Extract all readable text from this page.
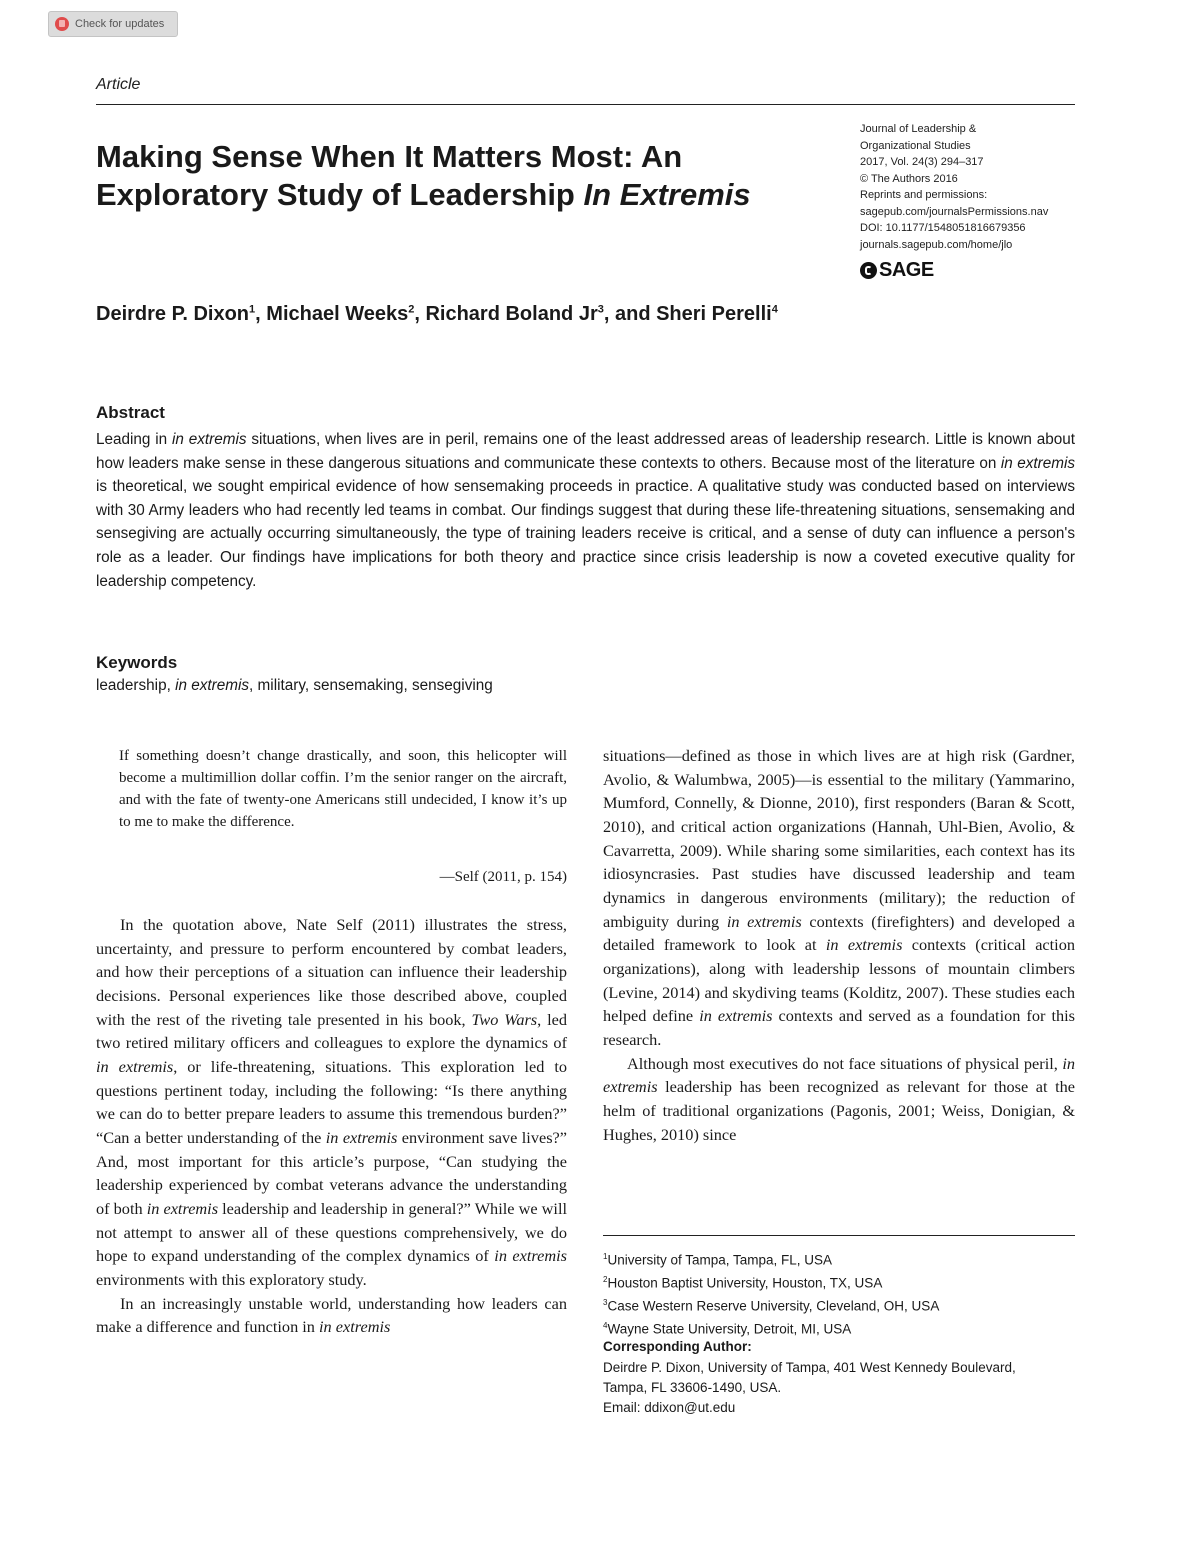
Check for updates
Article
Making Sense When It Matters Most: An
Exploratory Study of Leadership In Extremis
Journal of Leadership &
Organizational Studies
2017, Vol. 24(3) 294–317
© The Authors 2016
Reprints and permissions:
sagepub.com/journalsPermissions.nav
DOI: 10.1177/1548051816679356
journals.sagepub.com/home/jlo
SAGE
Deirdre P. Dixon$^1$, Michael Weeks$^2$, Richard Boland Jr$^3$, and Sheri Perelli$^4$
Abstract
Leading in in extremis situations, when lives are in peril, remains one of the least addressed areas of leadership research. Little is known about how leaders make sense in these dangerous situations and communicate these contexts to others. Because most of the literature on in extremis is theoretical, we sought empirical evidence of how sensemaking proceeds in practice. A qualitative study was conducted based on interviews with 30 Army leaders who had recently led teams in combat. Our findings suggest that during these life-threatening situations, sensemaking and sensegiving are actually occurring simultaneously, the type of training leaders receive is critical, and a sense of duty can influence a person's role as a leader. Our findings have implications for both theory and practice since crisis leadership is now a coveted executive quality for leadership competency.
Keywords
leadership, in extremis, military, sensemaking, sensegiving
If something doesn’t change drastically, and soon, this helicopter will become a multimillion dollar coffin. I’m the senior ranger on the aircraft, and with the fate of twenty-one Americans still undecided, I know it’s up to me to make the difference.
—Self (2011, p. 154)

In the quotation above, Nate Self (2011) illustrates the stress, uncertainty, and pressure to perform encountered by combat leaders, and how their perceptions of a situation can influence their leadership decisions. Personal experiences like those described above, coupled with the rest of the riveting tale presented in his book, Two Wars, led two retired military officers and colleagues to explore the dynamics of in extremis, or life-threatening, situations. This exploration led to questions pertinent today, including the following: “Is there anything we can do to better prepare leaders to assume this tremendous burden?” “Can a better understanding of the in extremis environment save lives?” And, most important for this article’s purpose, “Can studying the leadership experienced by combat veterans advance the understanding of both in extremis leadership and leadership in general?” While we will not attempt to answer all of these questions comprehensively, we do hope to expand understanding of the complex dynamics of in extremis environments with this exploratory study.

In an increasingly unstable world, understanding how leaders can make a difference and function in in extremis

situations—defined as those in which lives are at high risk (Gardner, Avolio, & Walumbwa, 2005)—is essential to the military (Yammarino, Mumford, Connelly, & Dionne, 2010), first responders (Baran & Scott, 2010), and critical action organizations (Hannah, Uhl-Bien, Avolio, & Cavarretta, 2009). While sharing some similarities, each context has its idiosyncrasies. Past studies have discussed leadership and team dynamics in dangerous environments (military); the reduction of ambiguity during in extremis contexts (firefighters) and developed a detailed framework to look at in extremis contexts (critical action organizations), along with leadership lessons of mountain climbers (Levine, 2014) and skydiving teams (Kolditz, 2007). These studies each helped define in extremis contexts and served as a foundation for this research.

Although most executives do not face situations of physical peril, in extremis leadership has been recognized as relevant for those at the helm of traditional organizations (Pagonis, 2001; Weiss, Donigian, & Hughes, 2010) since

$^1$University of Tampa, Tampa, FL, USA
$^2$Houston Baptist University, Houston, TX, USA
$^3$Case Western Reserve University, Cleveland, OH, USA
$^4$Wayne State University, Detroit, MI, USA
Corresponding Author:
Deirdre P. Dixon, University of Tampa, 401 West Kennedy Boulevard,
Tampa, FL 33606-1490, USA.
Email: ddixon@ut.edu
